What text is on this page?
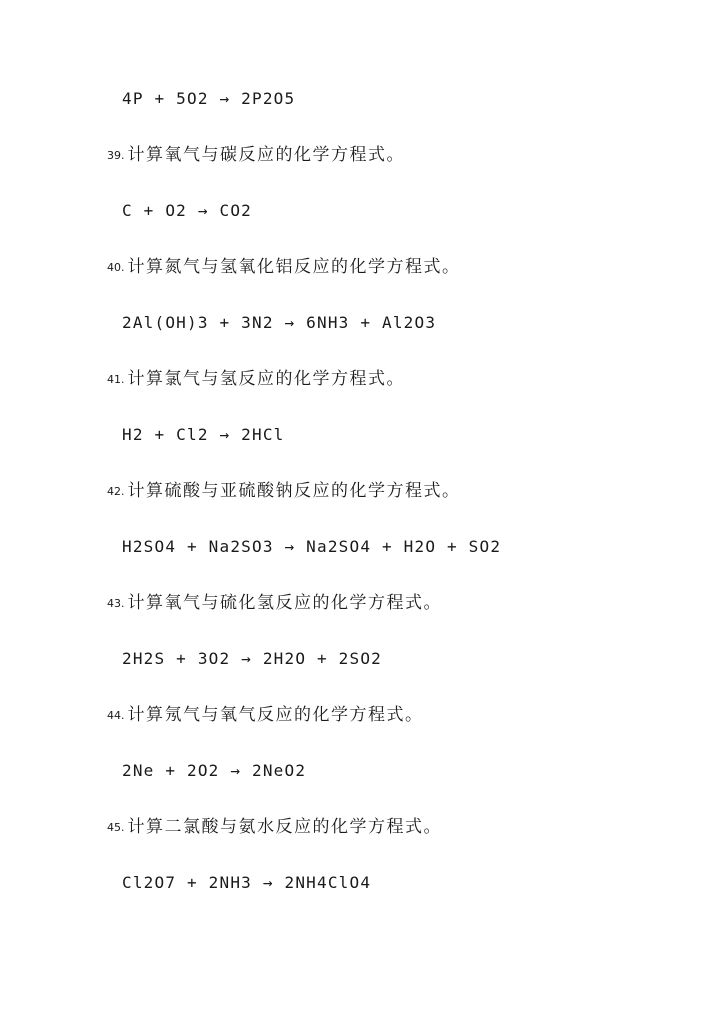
4P + 5O2 → 2P2O5
39. 计算氧气与碳反应的化学方程式。
C + O2 → CO2
40. 计算氮气与氢氧化铝反应的化学方程式。
2Al(OH)3 + 3N2 → 6NH3 + Al2O3
41. 计算氯气与氢反应的化学方程式。
H2 + Cl2 → 2HCl
42. 计算硫酸与亚硫酸钠反应的化学方程式。
H2SO4 + Na2SO3 → Na2SO4 + H2O + SO2
43. 计算氧气与硫化氢反应的化学方程式。
2H2S + 3O2 → 2H2O + 2SO2
44. 计算氖气与氧气反应的化学方程式。
2Ne + 2O2 → 2NeO2
45. 计算二氯酸与氨水反应的化学方程式。
Cl2O7 + 2NH3 → 2NH4ClO4
